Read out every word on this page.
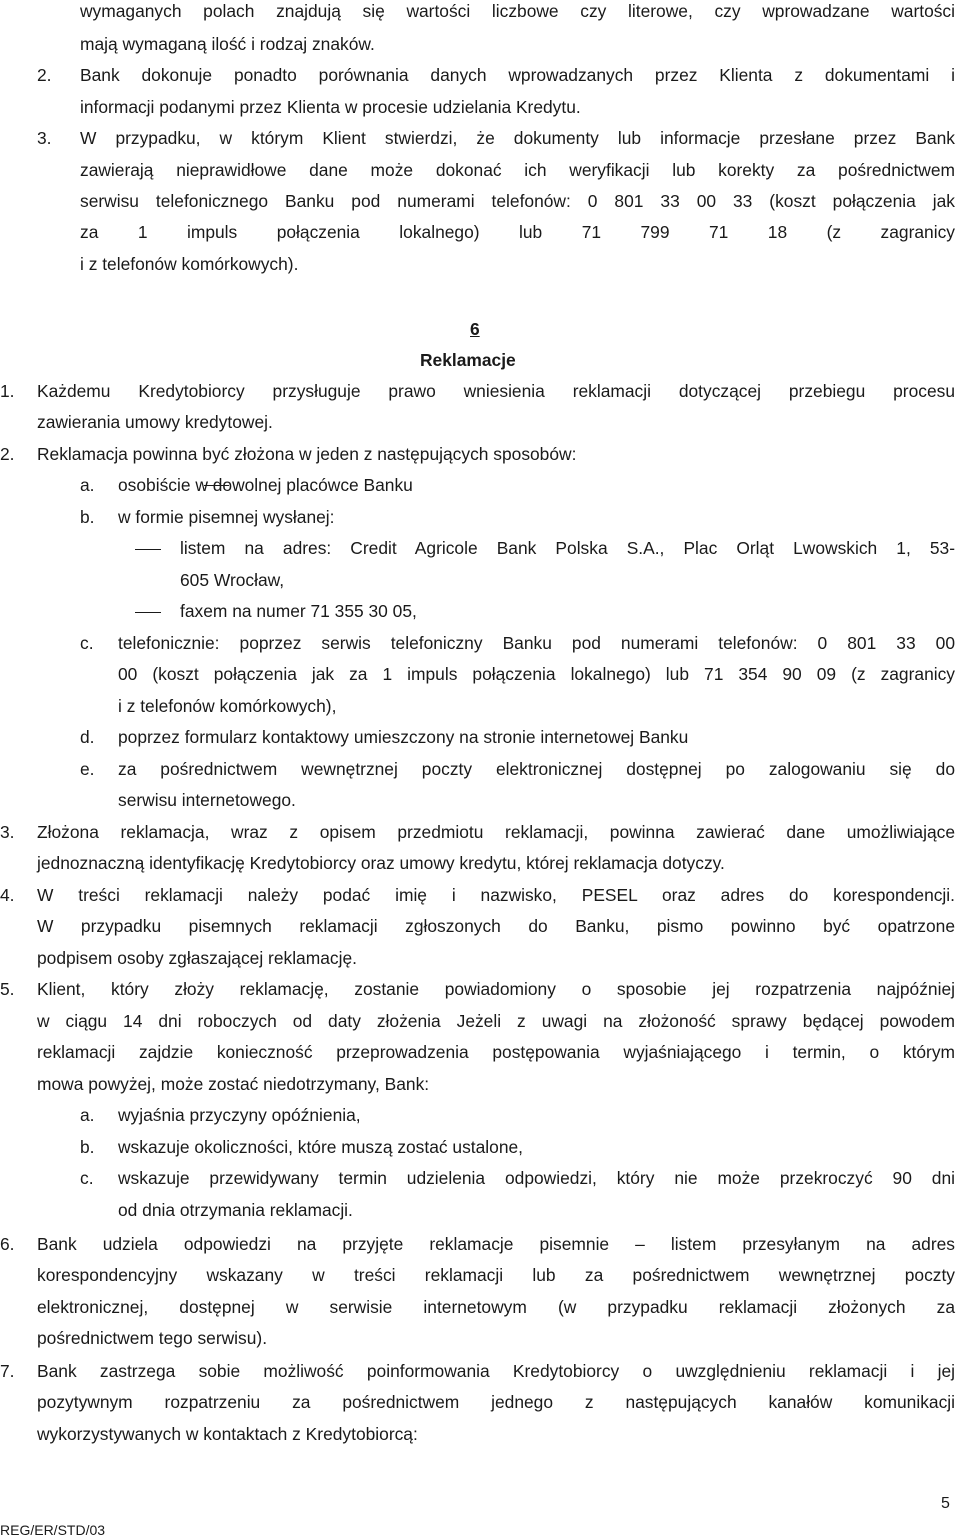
wymaganych polach znajdują się wartości liczbowe czy literowe, czy wprowadzane wartości
mają wymaganą ilość i rodzaj znaków.
2. Bank dokonuje ponadto porównania danych wprowadzanych przez Klienta z dokumentami i
informacji podanymi przez Klienta w procesie udzielania Kredytu.
3. W przypadku, w którym Klient stwierdzi, że dokumenty lub informacje przesłane przez Bank
zawierają nieprawidłowe dane może dokonać ich weryfikacji lub korekty za pośrednictwem
serwisu telefonicznego Banku pod numerami telefonów: 0 801 33 00 33 (koszt połączenia jak
za 1 impuls połączenia lokalnego) lub 71 799 71 18 (z zagranicy
i z telefonów komórkowych).
6
Reklamacje
1. Każdemu Kredytobiorcy przysługuje prawo wniesienia reklamacji dotyczącej przebiegu procesu
zawierania umowy kredytowej.
2. Reklamacja powinna być złożona w jeden z następujących sposobów:
a. osobiście w dowolnej placówce Banku
b. w formie pisemnej wysłanej:
listem na adres: Credit Agricole Bank Polska S.A., Plac Orląt Lwowskich 1, 53-
605 Wrocław,
faxem na numer 71 355 30 05,
c. telefonicznie: poprzez serwis telefoniczny Banku pod numerami telefonów: 0 801 33 00
00 (koszt połączenia jak za 1 impuls połączenia lokalnego) lub 71 354 90 09 (z zagranicy
i z telefonów komórkowych),
d. poprzez formularz kontaktowy umieszczony na stronie internetowej Banku
e. za pośrednictwem wewnętrznej poczty elektronicznej dostępnej po zalogowaniu się do
serwisu internetowego.
3. Złożona reklamacja, wraz z opisem przedmiotu reklamacji, powinna zawierać dane umożliwiające
jednoznaczną identyfikację Kredytobiorcy oraz umowy kredytu, której reklamacja dotyczy.
4. W treści reklamacji należy podać imię i nazwisko, PESEL oraz adres do korespondencji.
W przypadku pisemnych reklamacji zgłoszonych do Banku, pismo powinno być opatrzone
podpisem osoby zgłaszającej reklamację.
5. Klient, który złoży reklamację, zostanie powiadomiony o sposobie jej rozpatrzenia najpóźniej
w ciągu 14 dni roboczych od daty złożenia Jeżeli z uwagi na złożoność sprawy będącej powodem
reklamacji zajdzie konieczność przeprowadzenia postępowania wyjaśniającego i termin, o którym
mowa powyżej, może zostać niedotrzymany, Bank:
a. wyjaśnia przyczyny opóźnienia,
b. wskazuje okoliczności, które muszą zostać ustalone,
c. wskazuje przewidywany termin udzielenia odpowiedzi, który nie może przekroczyć 90 dni
od dnia otrzymania reklamacji.
6. Bank udziela odpowiedzi na przyjęte reklamacje pisemnie – listem przesyłanym na adres
korespondencyjny wskazany w treści reklamacji lub za pośrednictwem wewnętrznej poczty
elektronicznej, dostępnej w serwisie internetowym (w przypadku reklamacji złożonych za
pośrednictwem tego serwisu).
7. Bank zastrzega sobie możliwość poinformowania Kredytobiorcy o uwzględnieniu reklamacji i jej
pozytywnym rozpatrzeniu za pośrednictwem jednego z następujących kanałów komunikacji
wykorzystywanych w kontaktach z Kredytobiorcą:
5
REG/ER/STD/03
